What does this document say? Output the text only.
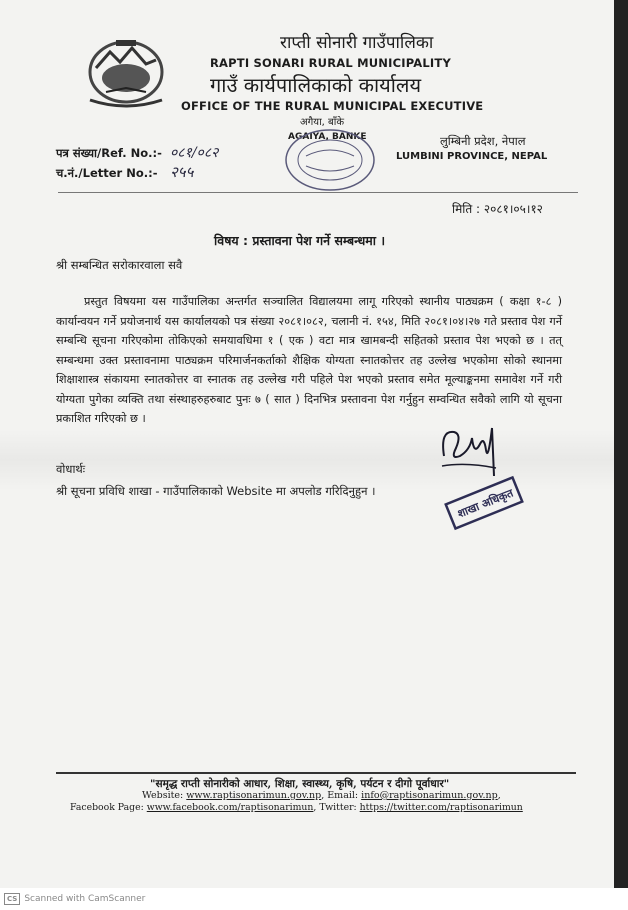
राप्ती सोनारी गाउँपालिका
RAPTI SONARI RURAL MUNICIPALITY
गाउँ कार्यपालिकाको कार्यालय
OFFICE OF THE RURAL MUNICIPAL EXECUTIVE
अगैया, बाँके
AGAIYA, BANKE
पत्र संख्या/Ref. No.:- ०८१/०८२
च.नं./Letter No.:- २५५
लुम्बिनी प्रदेश, नेपाल
LUMBINI PROVINCE, NEPAL
मिति : २०८१।०५।१२
विषय : प्रस्तावना पेश गर्ने सम्बन्धमा ।
श्री सम्बन्धित सरोकारवाला सवै

प्रस्तुत विषयमा यस गाउँपालिका अन्तर्गत सञ्चालित विद्यालयमा लागू गरिएको स्थानीय पाठ्यक्रम ( कक्षा १-८ ) कार्यान्वयन गर्ने प्रयोजनार्थ यस कार्यालयको पत्र संख्या २०८१।०८२, चलानी नं. १५४, मिति २०८१।०४।२७ गते प्रस्ताव पेश गर्ने सम्बन्धि सूचना गरिएकोमा तोकिएको समयावधिमा १ ( एक ) वटा मात्र खामबन्दी सहितको प्रस्ताव पेश भएको छ । तत् सम्बन्धमा उक्त प्रस्तावनामा पाठ्यक्रम परिमार्जनकर्ताको शैक्षिक योग्यता स्नातकोत्तर तह उल्लेख भएकोमा सोको स्थानमा शिक्षाशास्त्र संकायमा स्नातकोत्तर वा स्नातक तह उल्लेख गरी पहिले पेश भएको प्रस्ताव समेत मूल्याङ्कनमा समावेश गर्ने गरी योग्यता पुगेका व्यक्ति तथा संस्थाहरुहरुबाट पुनः ७ ( सात ) दिनभित्र प्रस्तावना पेश गर्नुहुन सम्वन्धित सवैको लागि यो सूचना प्रकाशित गरिएको छ ।

शाखा अधिकृत
वोधार्थः
श्री सूचना प्रविधि शाखा - गाउँपालिकाको Website मा अपलोड गरिदिनुहुन ।
"समृद्ध राप्ती सोनारीको आधार, शिक्षा, स्वास्थ्य, कृषि, पर्यटन र दीगो पूर्वाधार"
Website: www.raptisonarimun.gov.np, Email: info@raptisonarimun.gov.np,
Facebook Page: www.facebook.com/raptisonarimun, Twitter: https://twitter.com/raptisonarimun
CS Scanned with CamScanner
